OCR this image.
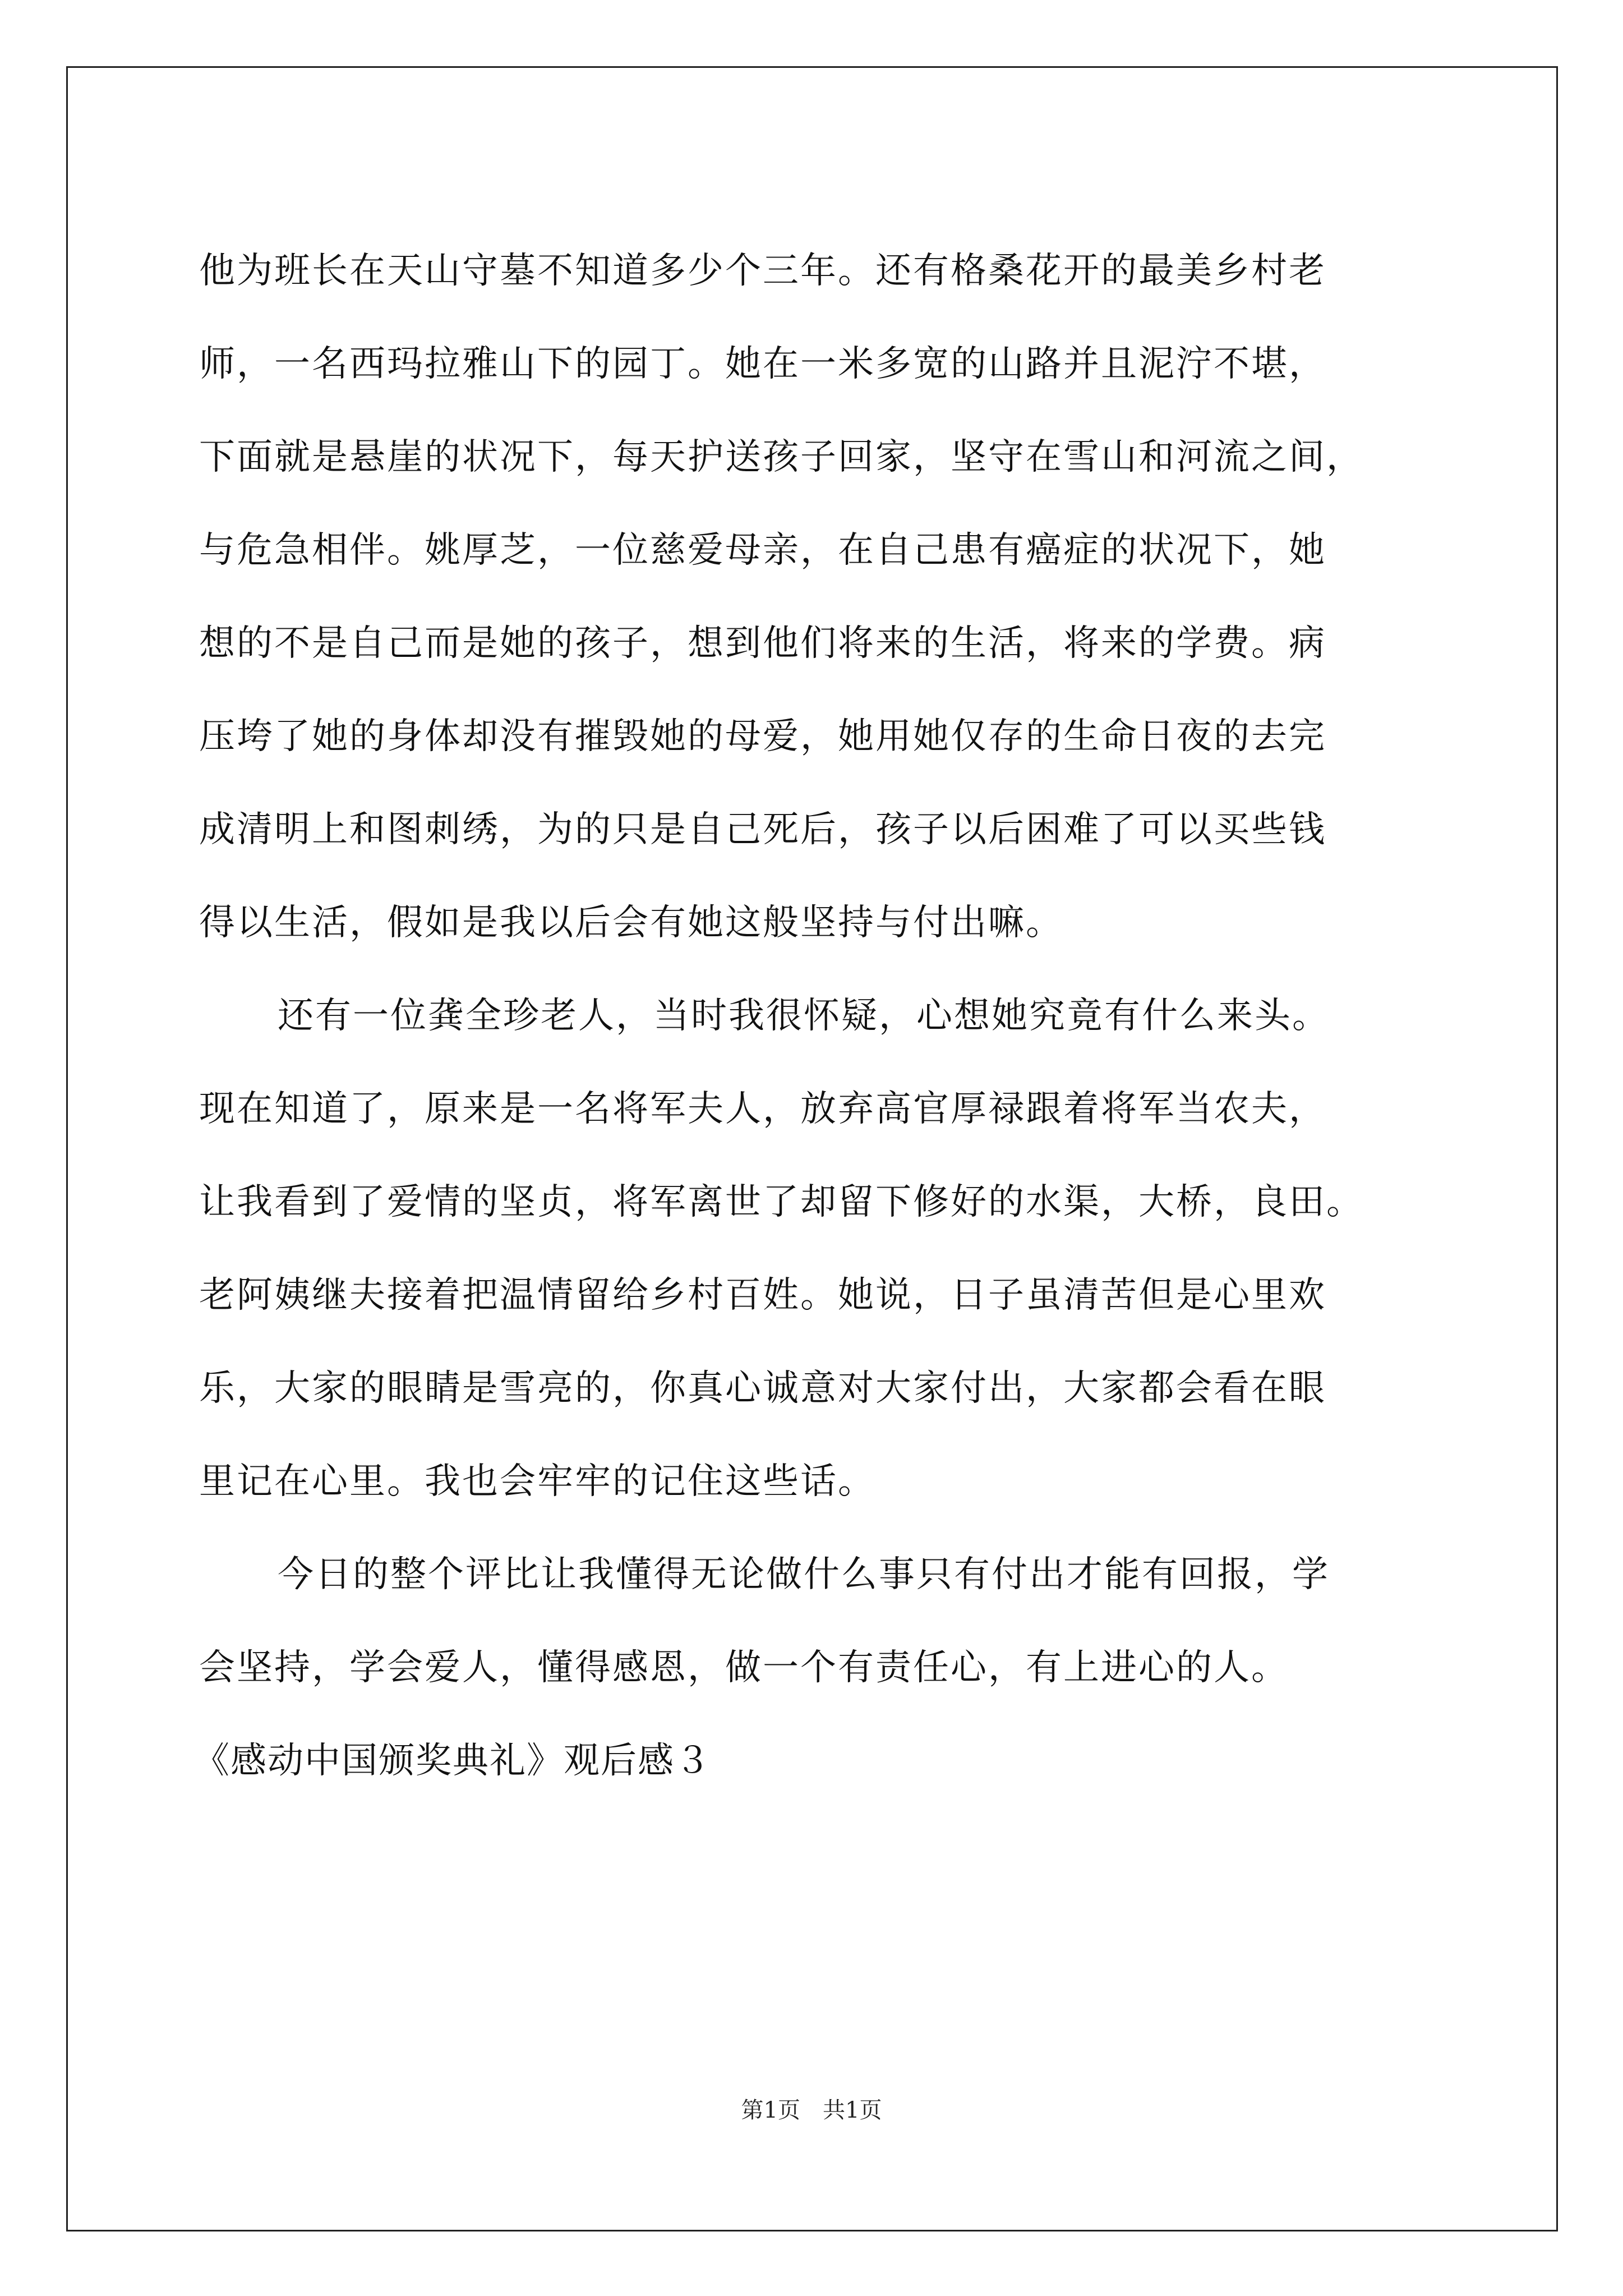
他为班长在天山守墓不知道多少个三年。还有格桑花开的最美乡村老
师，一名西玛拉雅山下的园丁。她在一米多宽的山路并且泥泞不堪，
下面就是悬崖的状况下，每天护送孩子回家，坚守在雪山和河流之间，
与危急相伴。姚厚芝，一位慈爱母亲，在自己患有癌症的状况下，她
想的不是自己而是她的孩子，想到他们将来的生活，将来的学费。病
压垮了她的身体却没有摧毁她的母爱，她用她仅存的生命日夜的去完
成清明上和图刺绣，为的只是自己死后，孩子以后困难了可以买些钱
得以生活，假如是我以后会有她这般坚持与付出嘛。
还有一位龚全珍老人，当时我很怀疑，心想她究竟有什么来头。
现在知道了，原来是一名将军夫人，放弃高官厚禄跟着将军当农夫，
让我看到了爱情的坚贞，将军离世了却留下修好的水渠，大桥，良田。
老阿姨继夫接着把温情留给乡村百姓。她说，日子虽清苦但是心里欢
乐，大家的眼睛是雪亮的，你真心诚意对大家付出，大家都会看在眼
里记在心里。我也会牢牢的记住这些话。
今日的整个评比让我懂得无论做什么事只有付出才能有回报，学
会坚持，学会爱人，懂得感恩，做一个有责任心，有上进心的人。
《感动中国颁奖典礼》观后感３
第1页　共1页
